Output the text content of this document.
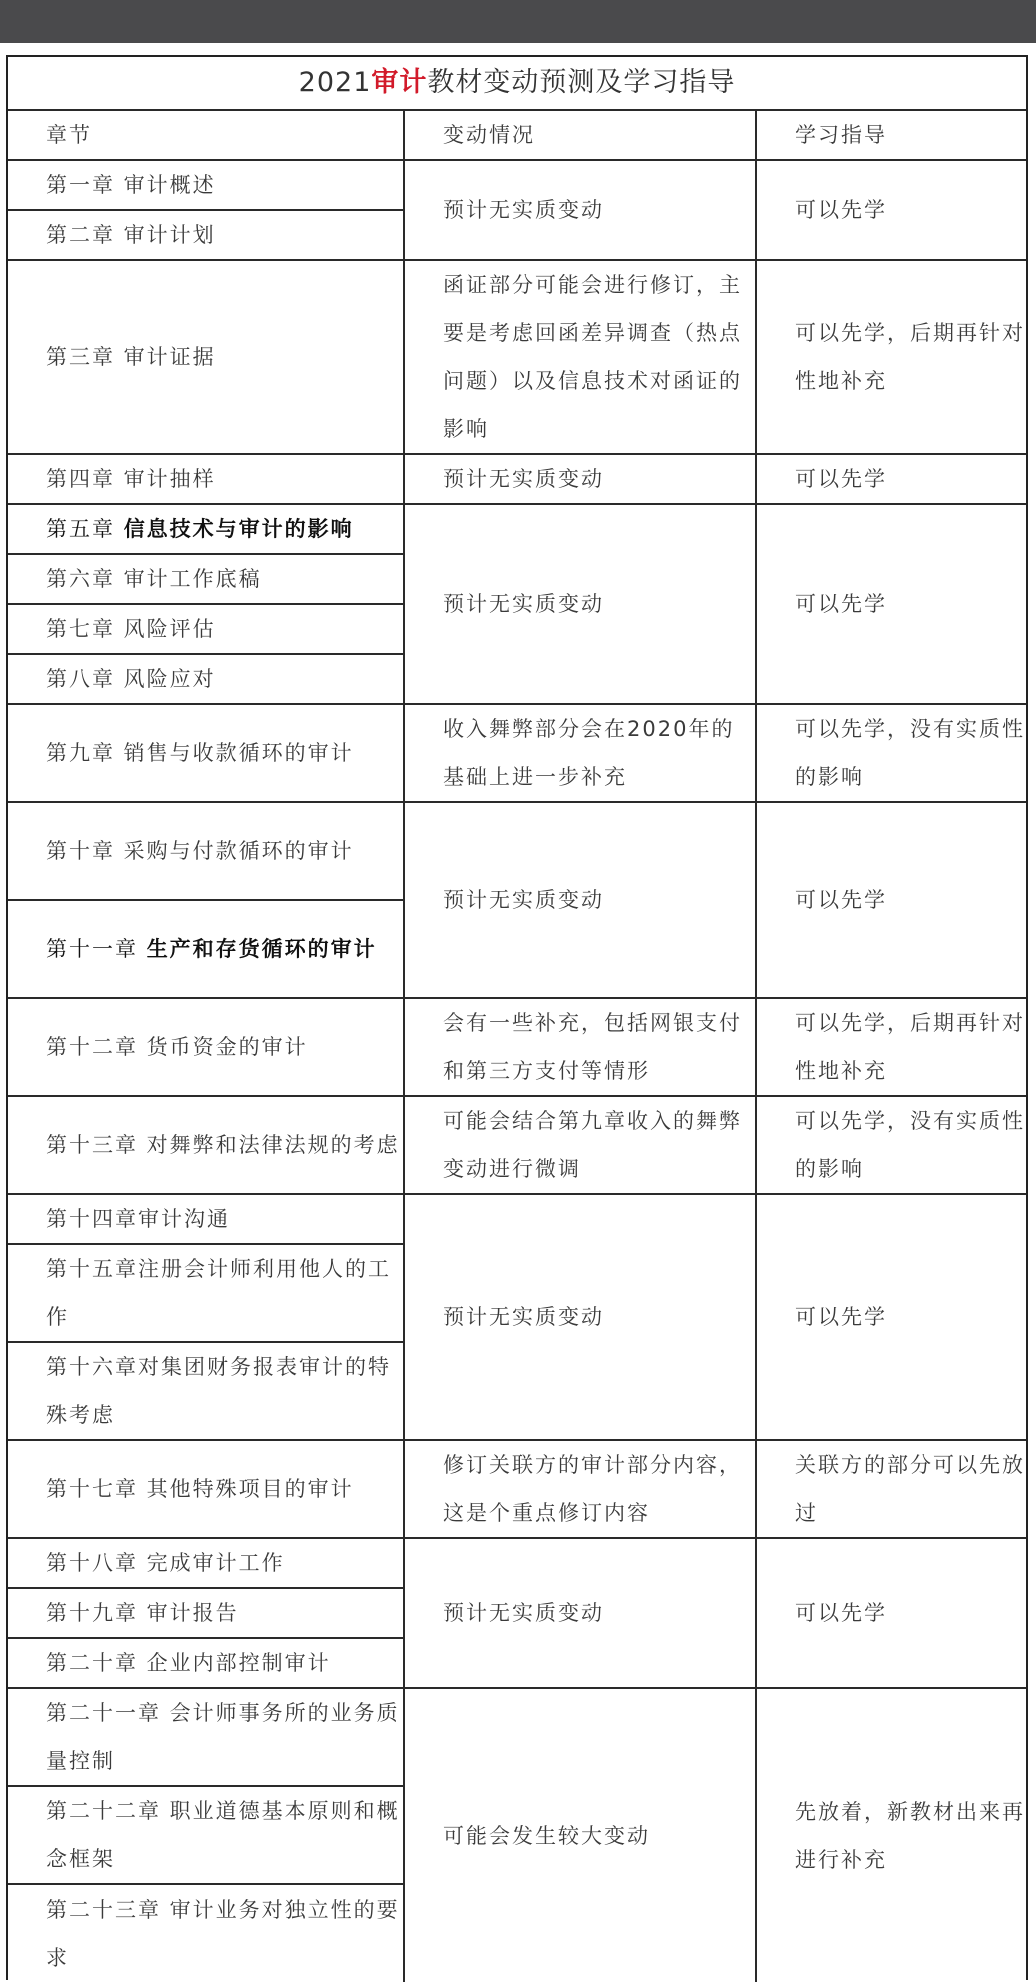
2021审计教材变动预测及学习指导		
章节	变动情况	学习指导
第一章 审计概述	预计无实质变动	可以先学
第二章 审计计划		
第三章 审计证据	函证部分可能会进行修订，主要是考虑回函差异调查（热点问题）以及信息技术对函证的影响	可以先学，后期再针对性地补充
第四章 审计抽样	预计无实质变动	可以先学
第五章 信息技术与审计的影响	预计无实质变动	可以先学
第六章 审计工作底稿		
第七章 风险评估		
第八章 风险应对		
第九章 销售与收款循环的审计	收入舞弊部分会在2020年的基础上进一步补充	可以先学，没有实质性的影响
第十章 采购与付款循环的审计	预计无实质变动	可以先学
第十一章 生产和存货循环的审计		
第十二章 货币资金的审计	会有一些补充，包括网银支付和第三方支付等情形	可以先学，后期再针对性地补充
第十三章 对舞弊和法律法规的考虑	可能会结合第九章收入的舞弊变动进行微调	可以先学，没有实质性的影响
第十四章审计沟通	预计无实质变动	可以先学
第十五章注册会计师利用他人的工作		
第十六章对集团财务报表审计的特殊考虑		
第十七章 其他特殊项目的审计	修订关联方的审计部分内容，这是个重点修订内容	关联方的部分可以先放过
第十八章 完成审计工作	预计无实质变动	可以先学
第十九章 审计报告		
第二十章 企业内部控制审计		
第二十一章 会计师事务所的业务质量控制	可能会发生较大变动	先放着，新教材出来再进行补充
第二十二章 职业道德基本原则和概念框架		
第二十三章 审计业务对独立性的要求		
